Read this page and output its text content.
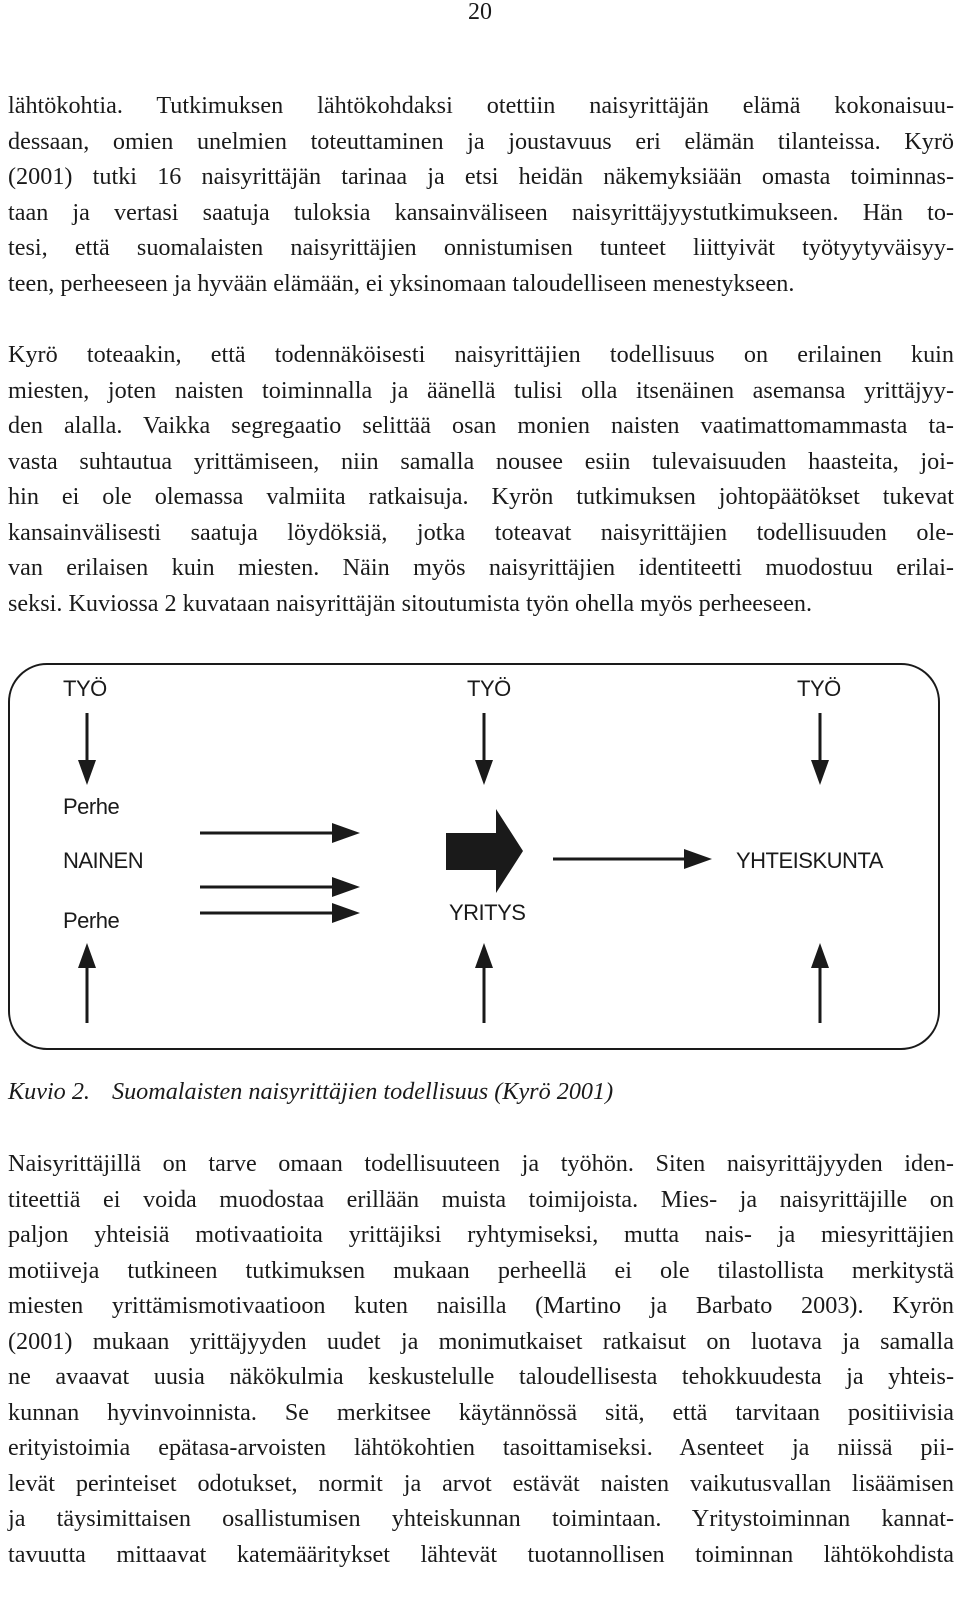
20

lähtökohtia. Tutkimuksen lähtökohdaksi otettiin naisyrittäjän elämä kokonaisuu-
dessaan, omien unelmien toteuttaminen ja joustavuus eri elämän tilanteissa. Kyrö
(2001) tutki 16 naisyrittäjän tarinaa ja etsi heidän näkemyksiään omasta toiminnas-
taan ja vertasi saatuja tuloksia kansainväliseen naisyrittäjyystutkimukseen. Hän to-
tesi, että suomalaisten naisyrittäjien onnistumisen tunteet liittyivät työtyytyväisyy-
teen, perheeseen ja hyvään elämään, ei yksinomaan taloudelliseen menestykseen.

Kyrö toteaakin, että todennäköisesti naisyrittäjien todellisuus on erilainen kuin
miesten, joten naisten toiminnalla ja äänellä tulisi olla itsenäinen asemansa yrittäjyy-
den alalla. Vaikka segregaatio selittää osan monien naisten vaatimattomammasta ta-
vasta suhtautua yrittämiseen, niin samalla nousee esiin tulevaisuuden haasteita, joi-
hin ei ole olemassa valmiita ratkaisuja. Kyrön tutkimuksen johtopäätökset tukevat
kansainvälisesti saatuja löydöksiä, jotka toteavat naisyrittäjien todellisuuden ole-
van erilaisen kuin miesten. Näin myös naisyrittäjien identiteetti muodostuu erilai-
seksi. Kuviossa 2 kuvataan naisyrittäjän sitoutumista työn ohella myös perheeseen.

TYÖ	TYÖ	TYÖ
Perhe
NAINEN
Perhe	YRITYS
YHTEISKUNTA

Kuvio 2. Suomalaisten naisyrittäjien todellisuus (Kyrö 2001)

Naisyrittäjillä on tarve omaan todellisuuteen ja työhön. Siten naisyrittäjyyden iden-
titeettiä ei voida muodostaa erillään muista toimijoista. Mies- ja naisyrittäjille on
paljon yhteisiä motivaatioita yrittäjiksi ryhtymiseksi, mutta nais- ja miesyrittäjien
motiiveja tutkineen tutkimuksen mukaan perheellä ei ole tilastollista merkitystä
miesten yrittämismotivaatioon kuten naisilla (Martino ja Barbato 2003). Kyrön
(2001) mukaan yrittäjyyden uudet ja monimutkaiset ratkaisut on luotava ja samalla
ne avaavat uusia näkökulmia keskustelulle taloudellisesta tehokkuudesta ja yhteis-
kunnan hyvinvoinnista. Se merkitsee käytännössä sitä, että tarvitaan positiivisia
erityistoimia epätasa-arvoisten lähtökohtien tasoittamiseksi. Asenteet ja niissä pii-
levät perinteiset odotukset, normit ja arvot estävät naisten vaikutusvallan lisäämisen
ja täysimittaisen osallistumisen yhteiskunnan toimintaan. Yritystoiminnan kannat-
tavuutta mittaavat katemääritykset lähtevät tuotannollisen toiminnan lähtökohdista
